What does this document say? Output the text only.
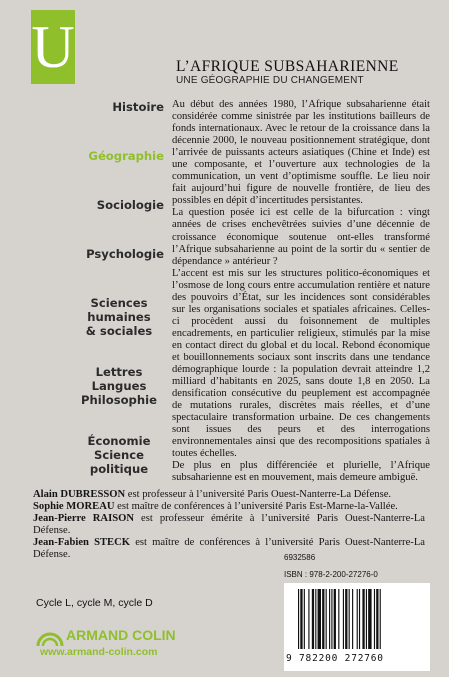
U	L’AFRIQUE SUBSAHARIENNE
UNE GÉOGRAPHIE DU CHANGEMENT
Histoire
Géographie
Sociologie
Psychologie
Sciences
humaines
& sociales
Lettres
Langues
Philosophie
Économie
Science politique

Au début des années 1980, l’Afrique subsaharienne était considérée comme sinistrée par les institutions bailleurs de fonds internationaux. Avec le retour de la croissance dans la décennie 2000, le nouveau positionnement stratégique, dont l’arrivée de puissants acteurs asiatiques (Chine et Inde) est une composante, et l’ouverture aux technologies de la communication, un vent d’optimisme souffle. Le lieu noir fait aujourd’hui figure de nouvelle frontière, de lieu des possibles en dépit d’incertitudes persistantes.

La question posée ici est celle de la bifurcation : vingt années de crises enchevêtrées suivies d’une décennie de croissance économique soutenue ont-elles transformé l’Afrique subsaharienne au point de la sortir du « sentier de dépendance » antérieur ?

L’accent est mis sur les structures politico-économiques et l’osmose de long cours entre accumulation rentière et nature des pouvoirs d’État, sur les incidences sont considérables sur les organisations sociales et spatiales africaines. Celles-ci procèdent aussi du foisonnement de multiples encadrements, en particulier religieux, stimulés par la mise en contact direct du global et du local. Rebond économique et bouillonnements sociaux sont inscrits dans une tendance démographique lourde : la population devrait atteindre 1,2 milliard d’habitants en 2025, sans doute 1,8 en 2050. La densification consécutive du peuplement est accompagnée de mutations rurales, discrètes mais réelles, et d’une spectaculaire transformation urbaine. De ces changements sont issues des peurs et des interrogations environnementales ainsi que des recompositions spatiales à toutes échelles.

De plus en plus différenciée et plurielle, l’Afrique subsaharienne est en mouvement, mais demeure ambiguë.

Alain DUBRESSON est professeur à l’université Paris Ouest-Nanterre-La Défense.
Sophie MOREAU est maître de conférences à l’université Paris Est-Marne-la-Vallée.
Jean-Pierre RAISON est professeur émérite à l’université Paris Ouest-Nanterre-La Défense.
Jean-Fabien STECK est maître de conférences à l’université Paris Ouest-Nanterre-La Défense.
Cycle L, cycle M, cycle D
ARMAND COLIN
www.armand-colin.com
6932586
ISBN : 978-2-200-27276-0
9 782200 272760
